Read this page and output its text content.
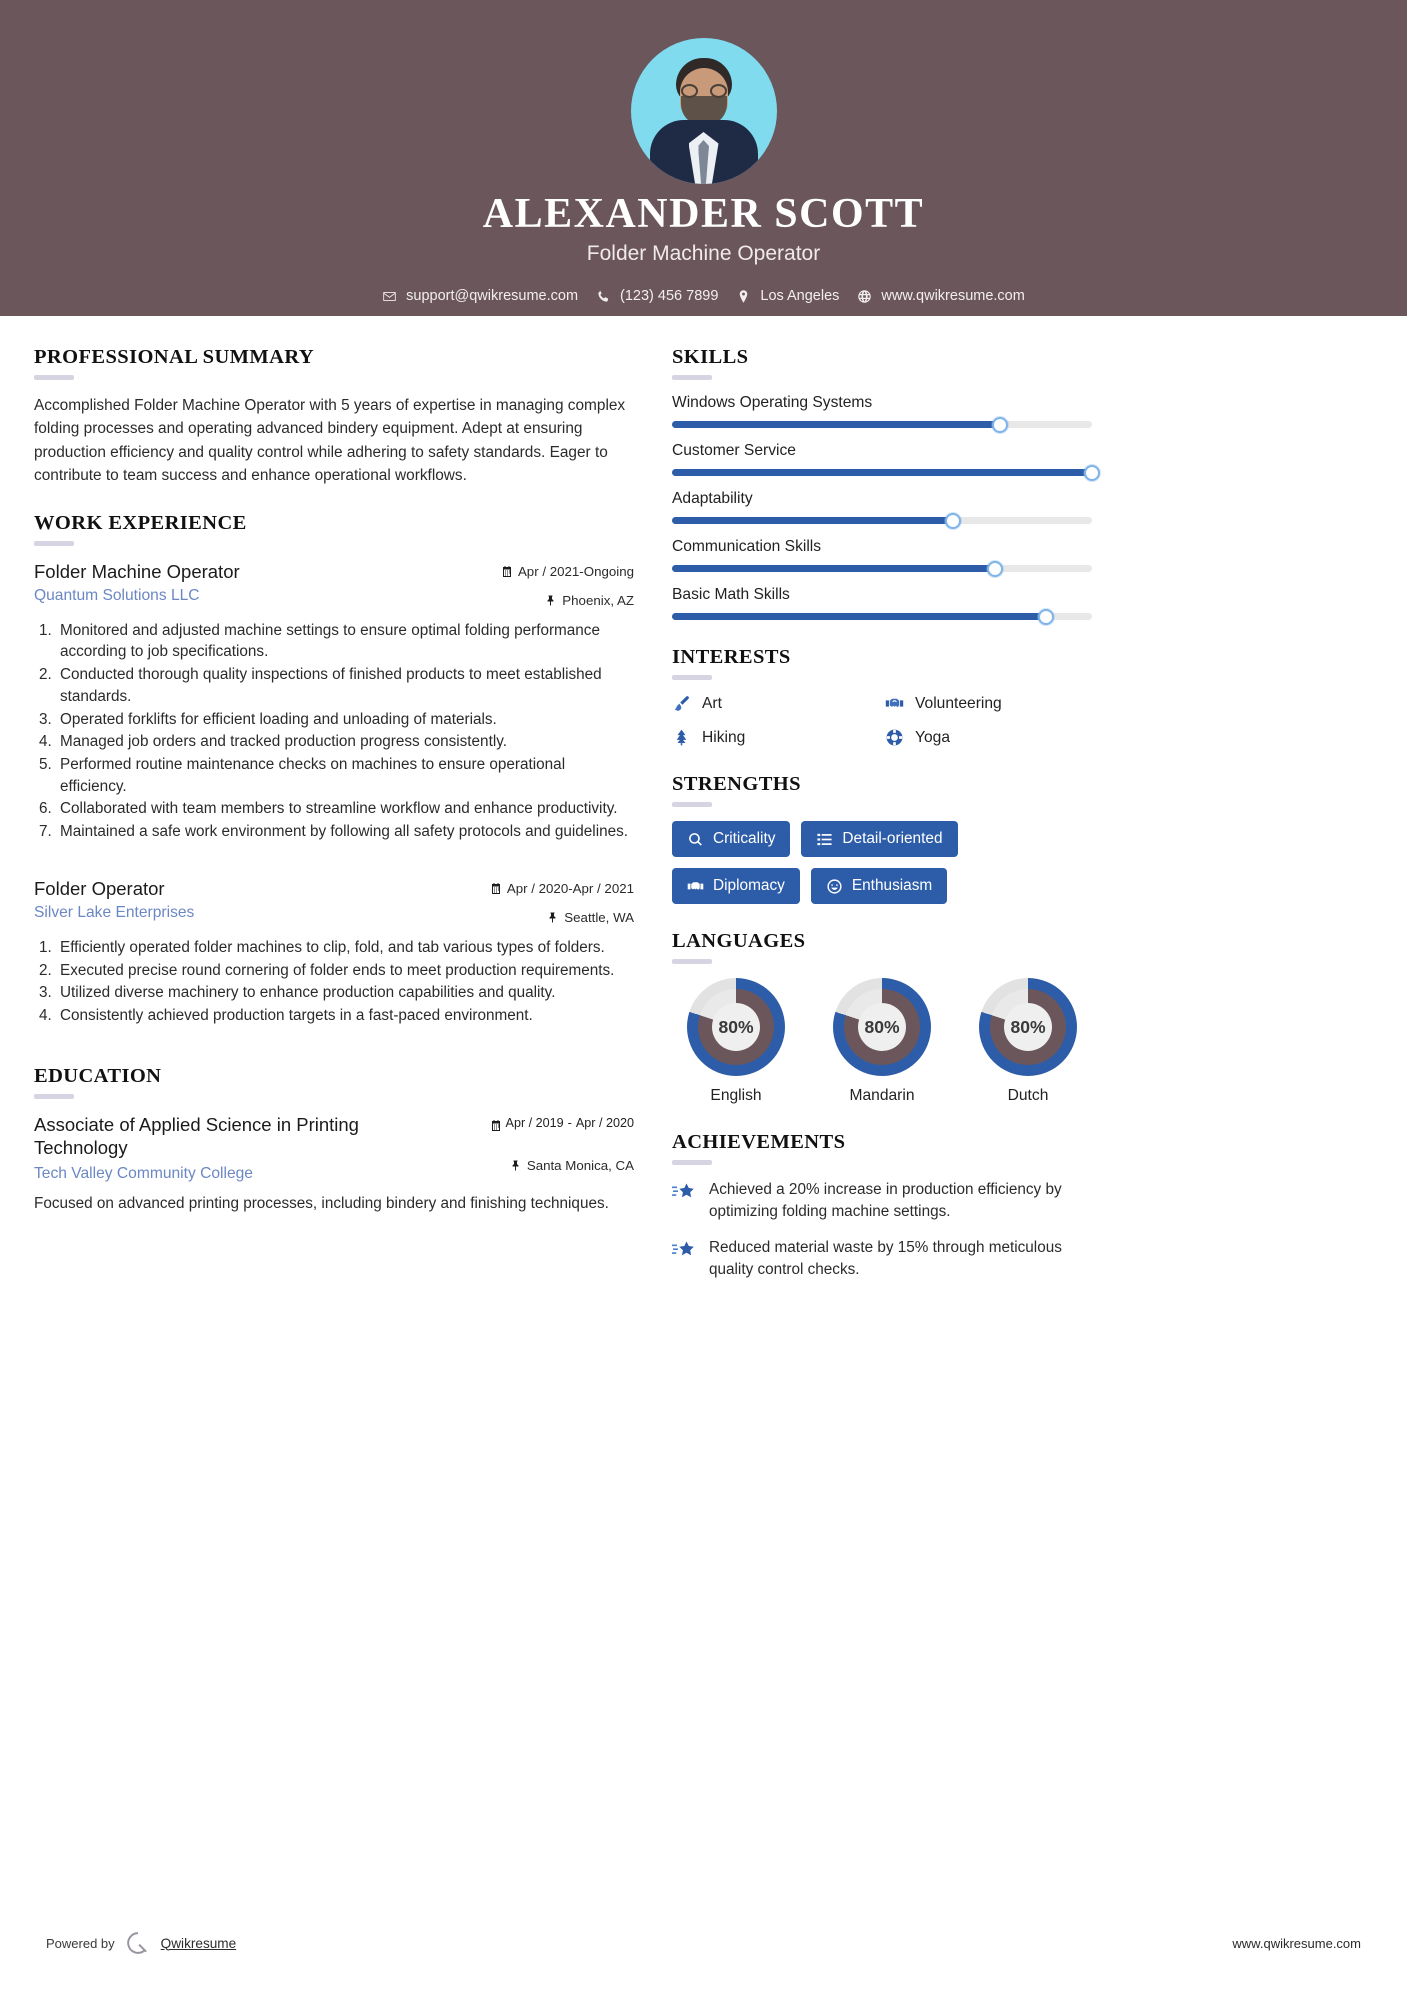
ALEXANDER SCOTT
Folder Machine Operator
support@qwikresume.com	(123) 456 7899	Los Angeles	www.qwikresume.com
PROFESSIONAL SUMMARY

Accomplished Folder Machine Operator with 5 years of expertise in managing complex folding processes and operating advanced bindery equipment. Adept at ensuring production efficiency and quality control while adhering to safety standards. Eager to contribute to team success and enhance operational workflows.

WORK EXPERIENCE
Folder Machine Operator
Quantum Solutions LLC
Apr / 2021-Ongoing
Phoenix, AZ
1. Monitored and adjusted machine settings to ensure optimal folding performance according to job specifications.
2. Conducted thorough quality inspections of finished products to meet established standards.
3. Operated forklifts for efficient loading and unloading of materials.
4. Managed job orders and tracked production progress consistently.
5. Performed routine maintenance checks on machines to ensure operational efficiency.
6. Collaborated with team members to streamline workflow and enhance productivity.
7. Maintained a safe work environment by following all safety protocols and guidelines.
Folder Operator
Silver Lake Enterprises
Apr / 2020-Apr / 2021
Seattle, WA
1. Efficiently operated folder machines to clip, fold, and tab various types of folders.
2. Executed precise round cornering of folder ends to meet production requirements.
3. Utilized diverse machinery to enhance production capabilities and quality.
4. Consistently achieved production targets in a fast-paced environment.
EDUCATION
Associate of Applied Science in Printing Technology
Tech Valley Community College
Apr / 2019 - Apr / 2020
Santa Monica, CA
Focused on advanced printing processes, including bindery and finishing techniques.
SKILLS
Windows Operating Systems
Customer Service
Adaptability
Communication Skills
Basic Math Skills
INTERESTS
Art	Volunteering
Hiking	Yoga
STRENGTHS
Criticality	Detail-oriented
Diplomacy	Enthusiasm
LANGUAGES
80%
English
80%
Mandarin
80%
Dutch
ACHIEVEMENTS
Achieved a 20% increase in production efficiency by optimizing folding machine settings.
Reduced material waste by 15% through meticulous quality control checks.
Powered by	Qwikresume	www.qwikresume.com
